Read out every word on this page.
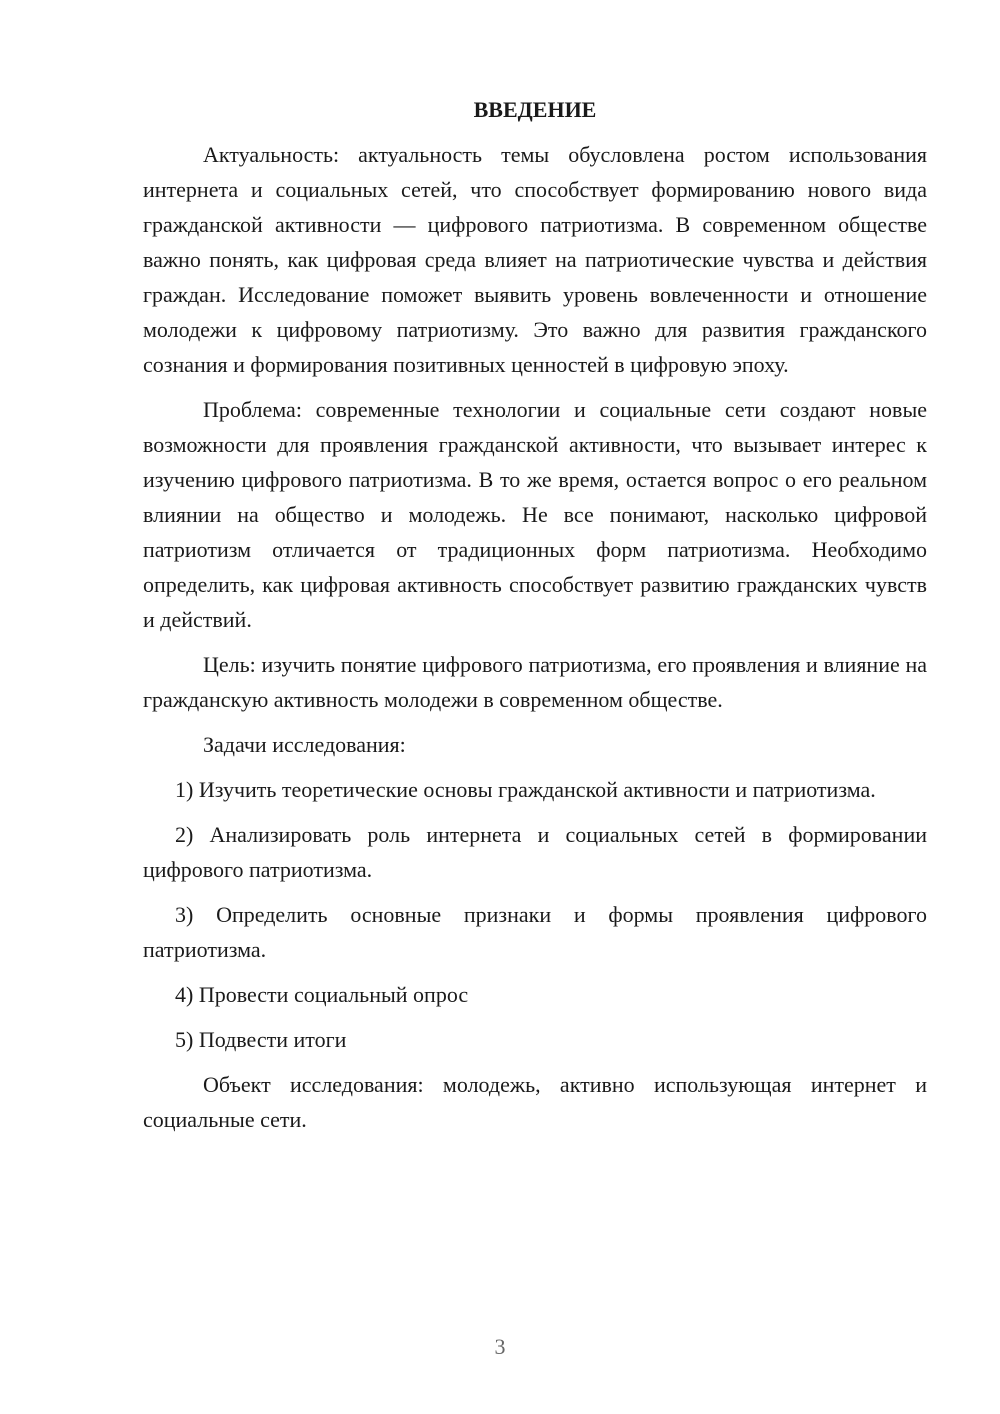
ВВЕДЕНИЕ

Актуальность: актуальность темы обусловлена ростом использования интернета и социальных сетей, что способствует формированию нового вида гражданской активности — цифрового патриотизма. В современном обществе важно понять, как цифровая среда влияет на патриотические чувства и действия граждан. Исследование поможет выявить уровень вовлеченности и отношение молодежи к цифровому патриотизму. Это важно для развития гражданского сознания и формирования позитивных ценностей в цифровую эпоху.

Проблема: современные технологии и социальные сети создают новые возможности для проявления гражданской активности, что вызывает интерес к изучению цифрового патриотизма. В то же время, остается вопрос о его реальном влиянии на общество и молодежь. Не все понимают, насколько цифровой патриотизм отличается от традиционных форм патриотизма. Необходимо определить, как цифровая активность способствует развитию гражданских чувств и действий.

Цель: изучить понятие цифрового патриотизма, его проявления и влияние на гражданскую активность молодежи в современном обществе.

Задачи исследования:

1) Изучить теоретические основы гражданской активности и патриотизма.

2) Анализировать роль интернета и социальных сетей в формировании цифрового патриотизма.

3) Определить основные признаки и формы проявления цифрового патриотизма.

4) Провести социальный опрос

5) Подвести итоги

Объект исследования: молодежь, активно использующая интернет и социальные сети.

3
